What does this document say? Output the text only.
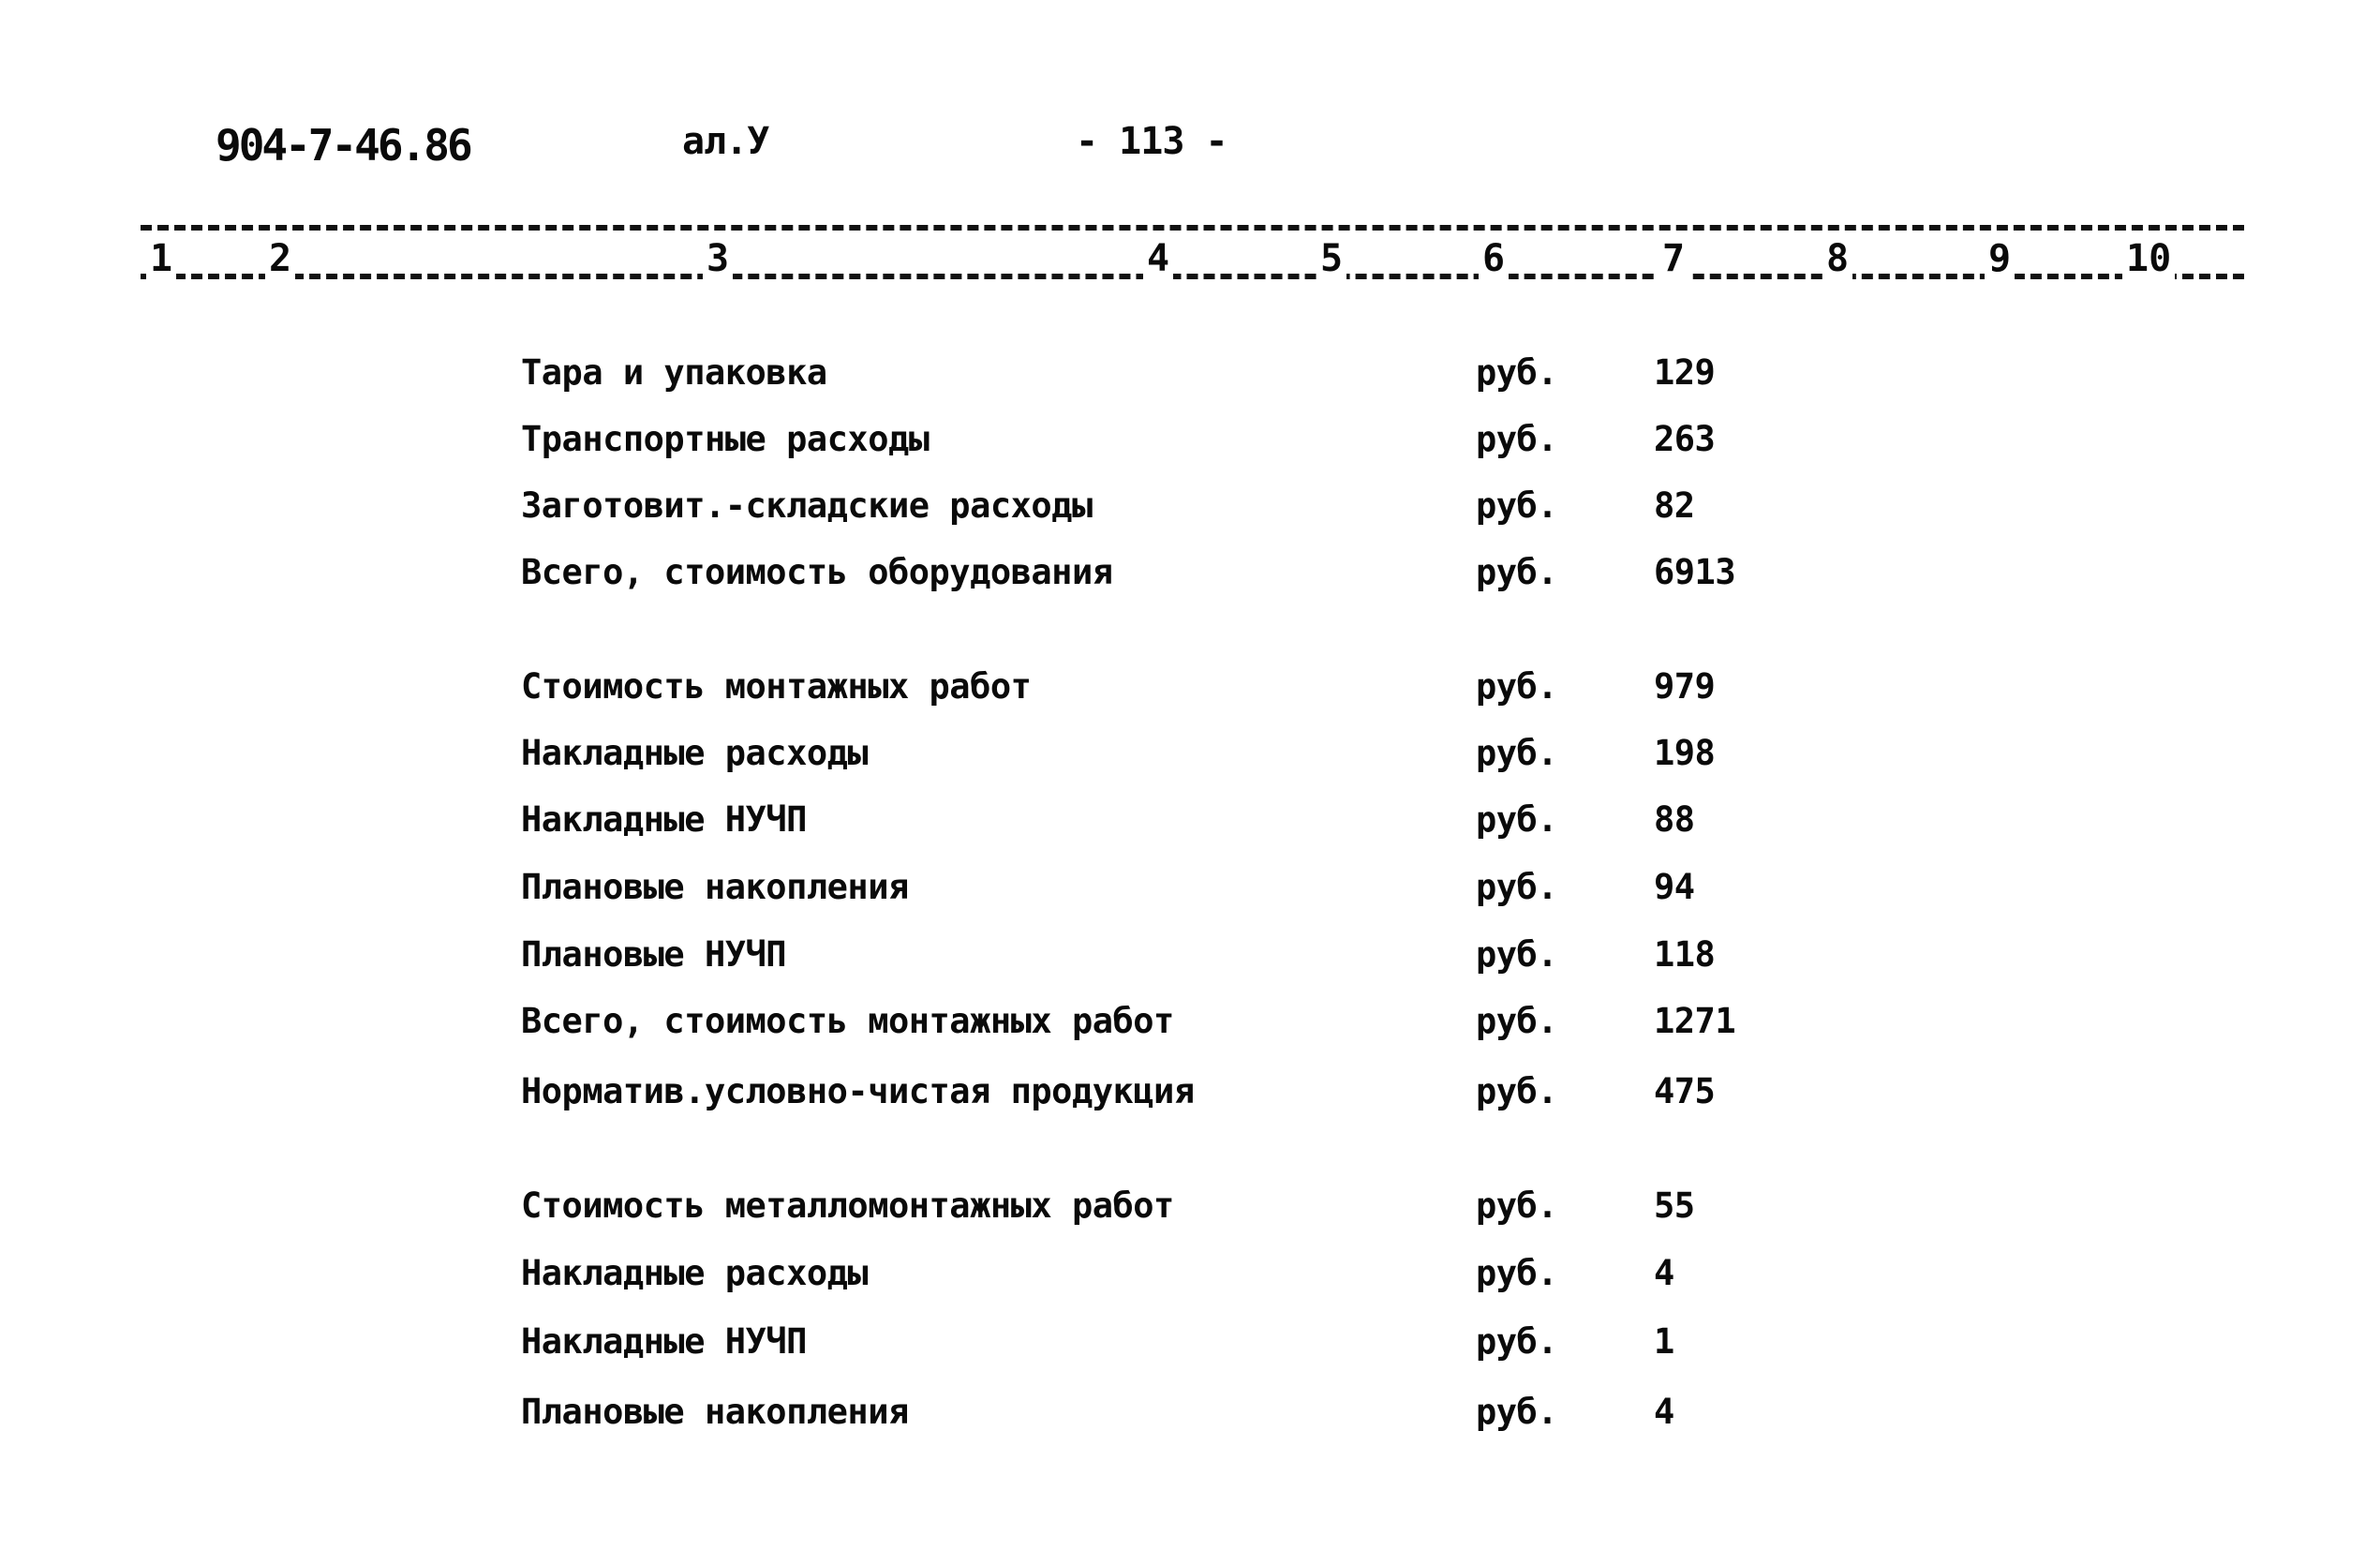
904-7-46.86	ал.У	- 113 -
1	2	3	4	5	6	7	8	9	10
Тара и упаковка	руб.	129
Транспортные расходы	руб.	263
Заготовит.-складские расходы	руб.	82
Всего, стоимость оборудования	руб.	6913
Стоимость монтажных работ	руб.	979
Накладные расходы	руб.	198
Накладные НУЧП	руб.	88
Плановые накопления	руб.	94
Плановые НУЧП	руб.	118
Всего, стоимость монтажных работ	руб.	1271
Норматив.условно-чистая продукция	руб.	475
Стоимость металломонтажных работ	руб.	55
Накладные расходы	руб.	4
Накладные НУЧП	руб.	1
Плановые накопления	руб.	4
